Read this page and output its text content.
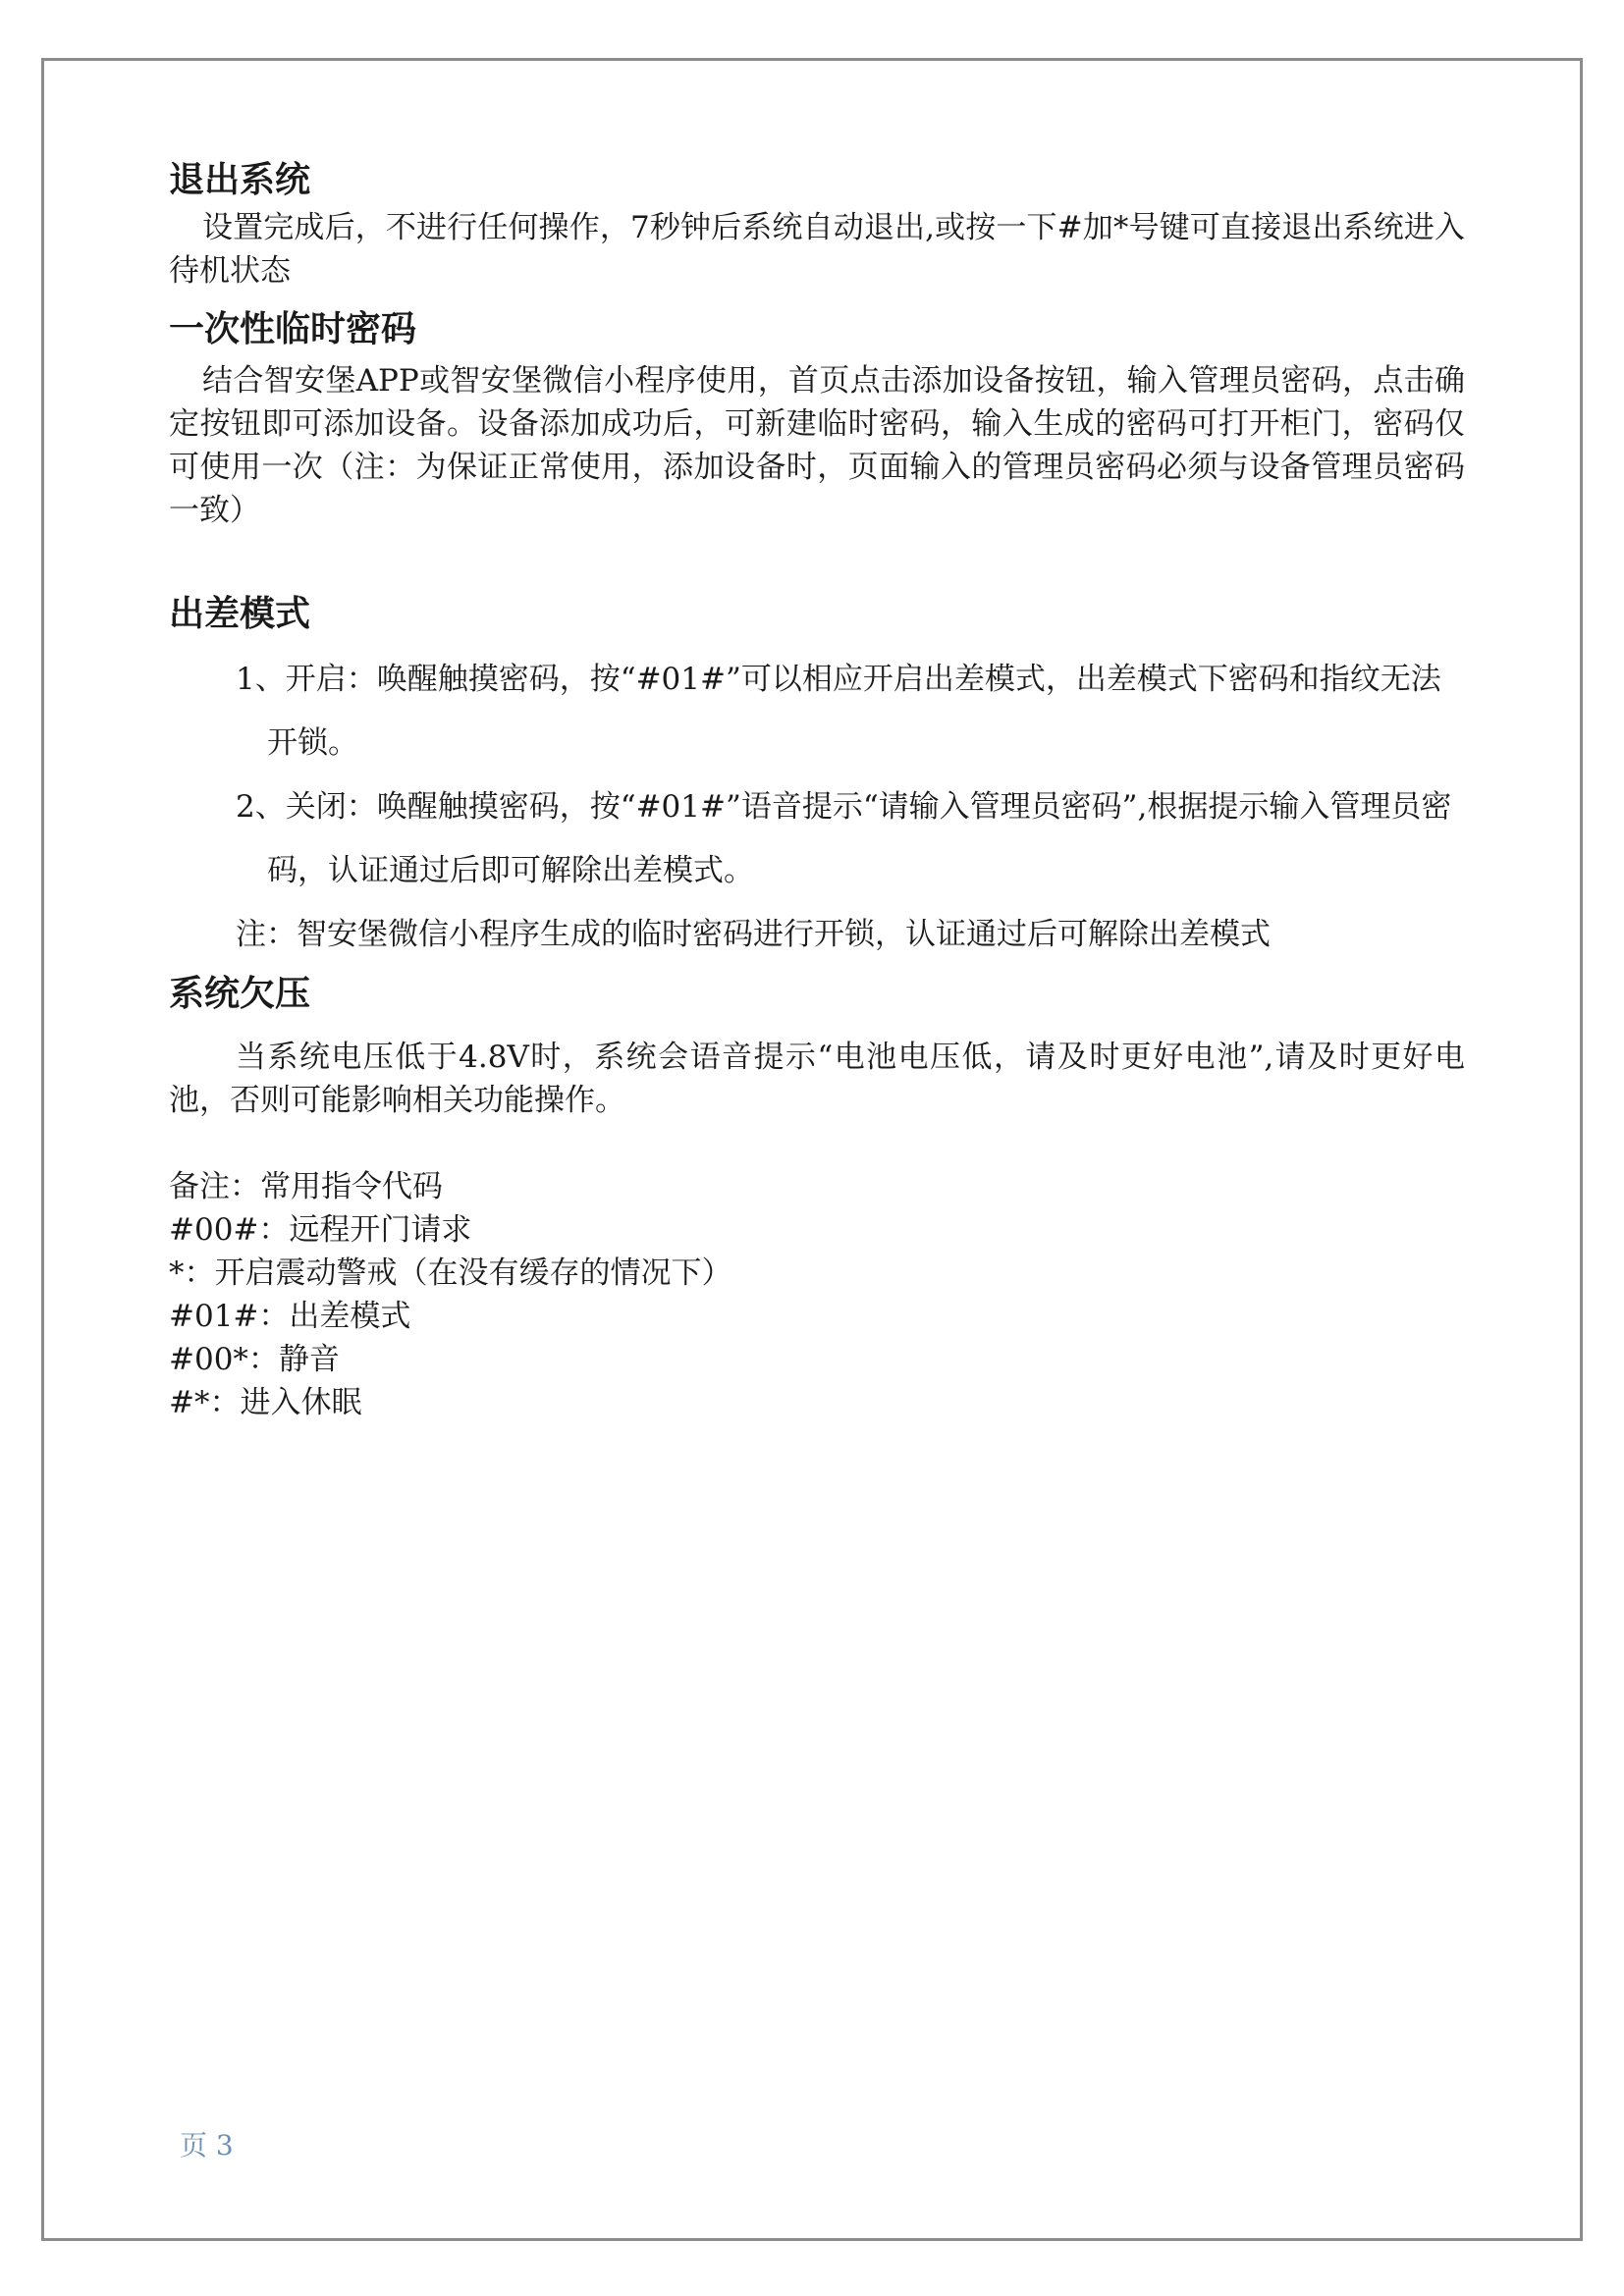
退出系统

设置完成后，不进行任何操作，7秒钟后系统自动退出,或按一下#加*号键可直接退出系统进入待机状态

一次性临时密码

结合智安堡APP或智安堡微信小程序使用，首页点击添加设备按钮，输入管理员密码，点击确定按钮即可添加设备。设备添加成功后，可新建临时密码，输入生成的密码可打开柜门，密码仅可使用一次（注：为保证正常使用，添加设备时，页面输入的管理员密码必须与设备管理员密码一致）

出差模式

1、开启：唤醒触摸密码，按“#01#”可以相应开启出差模式，出差模式下密码和指纹无法开锁。

2、关闭：唤醒触摸密码，按“#01#”语音提示“请输入管理员密码”,根据提示输入管理员密码，认证通过后即可解除出差模式。

注：智安堡微信小程序生成的临时密码进行开锁，认证通过后可解除出差模式

系统欠压

当系统电压低于4.8V时，系统会语音提示“电池电压低，请及时更好电池”,请及时更好电池，否则可能影响相关功能操作。

备注：常用指令代码

#00#：远程开门请求

*：开启震动警戒（在没有缓存的情况下）

#01#：出差模式

#00*：静音

#*：进入休眠

页 3
